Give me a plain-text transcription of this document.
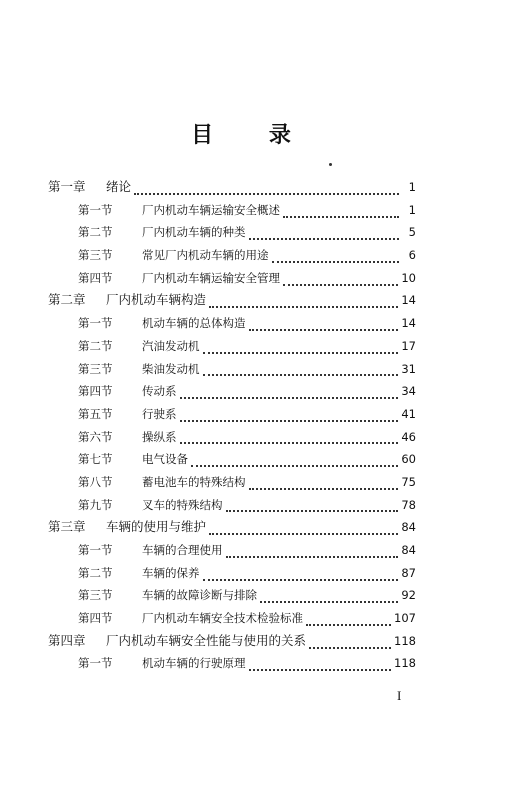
目 录
第一章	绪论	1
第一节	厂内机动车辆运输安全概述	1
第二节	厂内机动车辆的种类	5
第三节	常见厂内机动车辆的用途	6
第四节	厂内机动车辆运输安全管理	10
第二章	厂内机动车辆构造	14
第一节	机动车辆的总体构造	14
第二节	汽油发动机	17
第三节	柴油发动机	31
第四节	传动系	34
第五节	行驶系	41
第六节	操纵系	46
第七节	电气设备	60
第八节	蓄电池车的特殊结构	75
第九节	叉车的特殊结构	78
第三章	车辆的使用与维护	84
第一节	车辆的合理使用	84
第二节	车辆的保养	87
第三节	车辆的故障诊断与排除	92
第四节	厂内机动车辆安全技术检验标准	107
第四章	厂内机动车辆安全性能与使用的关系	118
第一节	机动车辆的行驶原理	118
I
